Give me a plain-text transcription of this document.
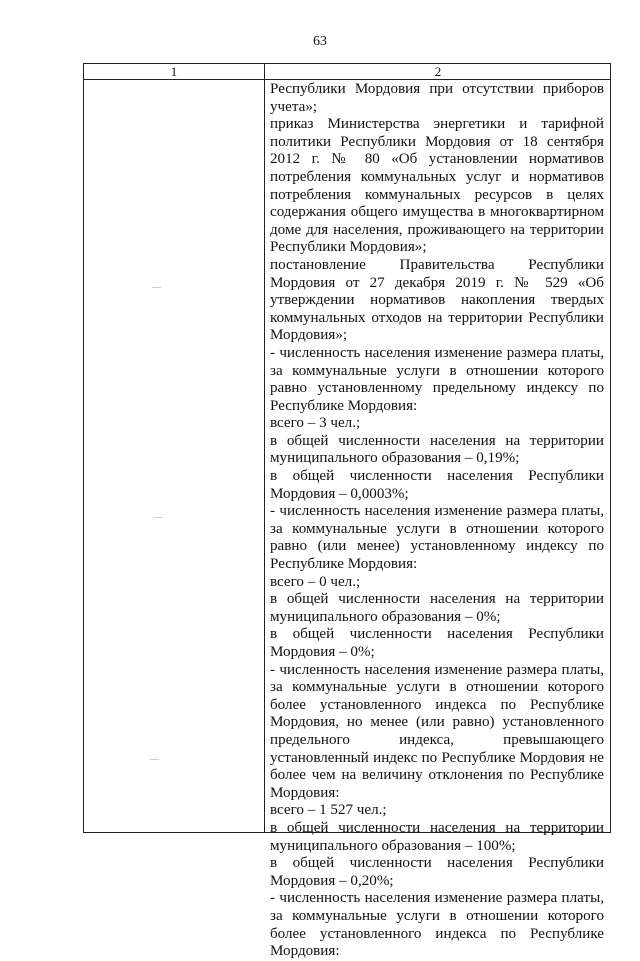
63
1	2
—
—
—

Республики Мордовия при отсутствии приборов учета»;

приказ Министерства энергетики и тарифной политики Республики Мордовия от 18 сентября 2012 г. № 80 «Об установлении нормативов потребления коммунальных услуг и нормативов потребления коммунальных ресурсов в целях содержания общего имущества в многоквартирном доме для населения, проживающего на территории Республики Мордовия»;

постановление Правительства Республики Мордовия от 27 декабря 2019 г. № 529 «Об утверждении нормативов накопления твердых коммунальных отходов на территории Республики Мордовия»;

- численность населения изменение размера платы, за коммунальные услуги в отношении которого равно установленному предельному индексу по Республике Мордовия:

всего – 3 чел.;

в общей численности населения на территории муниципального образования – 0,19%;

в общей численности населения Республики Мордовия – 0,0003%;

- численность населения изменение размера платы, за коммунальные услуги в отношении которого равно (или менее) установленному индексу по Республике Мордовия:

всего – 0 чел.;

в общей численности населения на территории муниципального образования – 0%;

в общей численности населения Республики Мордовия – 0%;

- численность населения изменение размера платы, за коммунальные услуги в отношении которого более установленного индекса по Республике Мордовия, но менее (или равно) установленного предельного индекса, превышающего установленный индекс по Республике Мордовия не более чем на величину отклонения по Республике Мордовия:

всего – 1 527 чел.;

в общей численности населения на территории муниципального образования – 100%;

в общей численности населения Республики Мордовия – 0,20%;

- численность населения изменение размера платы, за коммунальные услуги в отношении которого более установленного индекса по Республике Мордовия:
